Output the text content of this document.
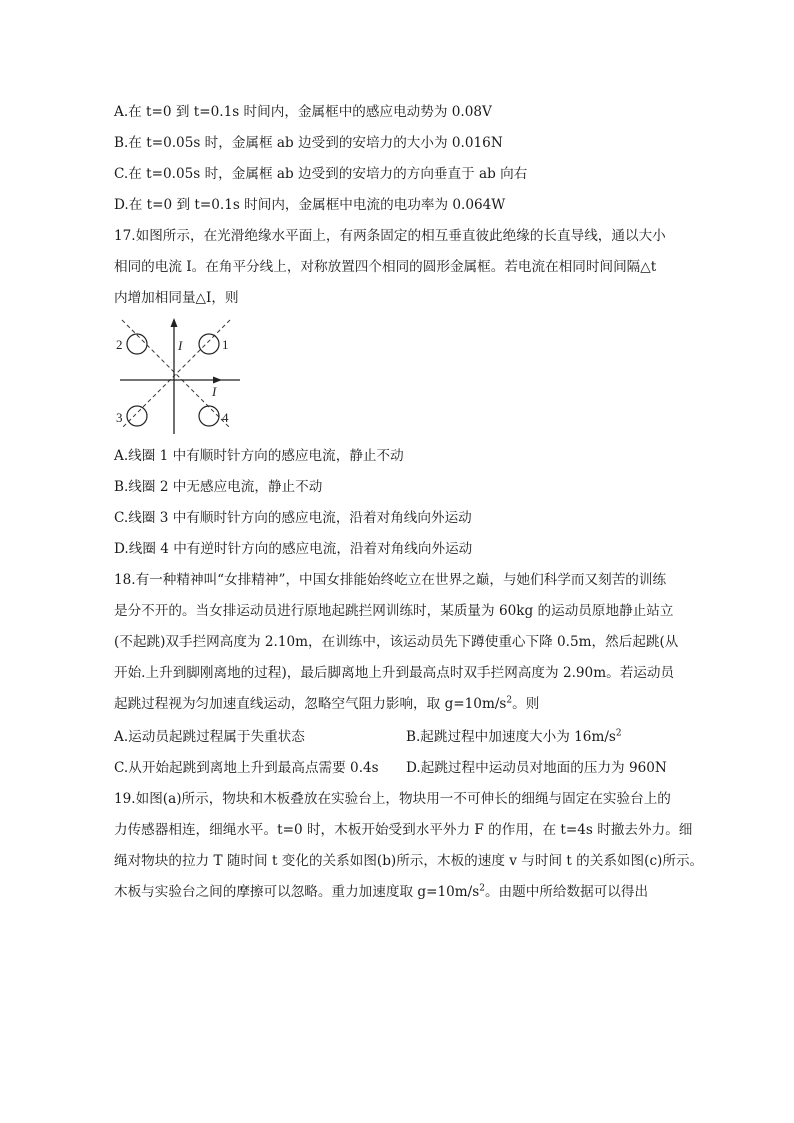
A.在 t=0 到 t=0.1s 时间内，金属框中的感应电动势为 0.08V
B.在 t=0.05s 时，金属框 ab 边受到的安培力的大小为 0.016N
C.在 t=0.05s 时，金属框 ab 边受到的安培力的方向垂直于 ab 向右
D.在 t=0 到 t=0.1s 时间内，金属框中电流的电功率为 0.064W
17.如图所示，在光滑绝缘水平面上，有两条固定的相互垂直彼此绝缘的长直导线，通以大小
相同的电流 I。在角平分线上，对称放置四个相同的圆形金属框。若电流在相同时间间隔△t
内增加相同量△I，则
2	1
3	4
I
I
A.线圈 1 中有顺时针方向的感应电流，静止不动
B.线圈 2 中无感应电流，静止不动
C.线圈 3 中有顺时针方向的感应电流，沿着对角线向外运动
D.线圈 4 中有逆时针方向的感应电流，沿着对角线向外运动
18.有一种精神叫“女排精神”，中国女排能始终屹立在世界之巅，与她们科学而又刻苦的训练
是分不开的。当女排运动员进行原地起跳拦网训练时，某质量为 60kg 的运动员原地静止站立
(不起跳)双手拦网高度为 2.10m，在训练中，该运动员先下蹲使重心下降 0.5m，然后起跳(从
开始.上升到脚刚离地的过程)，最后脚离地上升到最高点时双手拦网高度为 2.90m。若运动员
起跳过程视为匀加速直线运动，忽略空气阻力影响，取 $g=10m/s^2$。则
A.运动员起跳过程属于失重状态	B.起跳过程中加速度大小为 $16m/s^2$
C.从开始起跳到离地上升到最高点需要 0.4s D.起跳过程中运动员对地面的压力为 960N
19.如图(a)所示，物块和木板叠放在实验台上，物块用一不可伸长的细绳与固定在实验台上的
力传感器相连，细绳水平。t=0 时，木板开始受到水平外力 F 的作用，在 t=4s 时撤去外力。细
绳对物块的拉力 T 随时间 t 变化的关系如图(b)所示，木板的速度 v 与时间 t 的关系如图(c)所示。
木板与实验台之间的摩擦可以忽略。重力加速度取 $g=10m/s^2$。由题中所给数据可以得出
